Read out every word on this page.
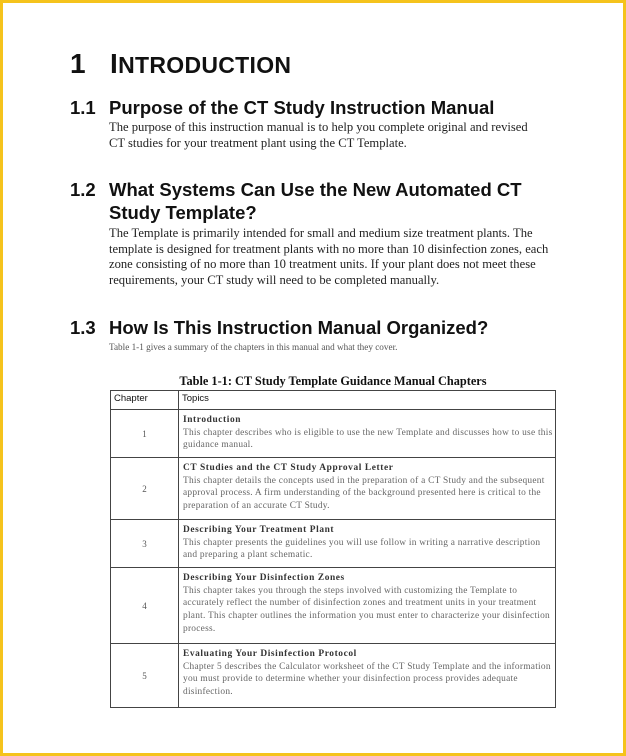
1 INTRODUCTION
1.1 Purpose of the CT Study Instruction Manual
The purpose of this instruction manual is to help you complete original and revised CT studies for your treatment plant using the CT Template.
1.2 What Systems Can Use the New Automated CT Study Template?
The Template is primarily intended for small and medium size treatment plants. The template is designed for treatment plants with no more than 10 disinfection zones, each zone consisting of no more than 10 treatment units. If your plant does not meet these requirements, your CT study will need to be completed manually.
1.3 How Is This Instruction Manual Organized?
Table 1-1 gives a summary of the chapters in this manual and what they cover.
Table 1-1: CT Study Template Guidance Manual Chapters
Chapter	Topics
1	Introduction
This chapter describes who is eligible to use the new Template and discusses how to use this guidance manual.
2	CT Studies and the CT Study Approval Letter
This chapter details the concepts used in the preparation of a CT Study and the subsequent approval process. A firm understanding of the background presented here is critical to the preparation of an accurate CT Study.
3	Describing Your Treatment Plant
This chapter presents the guidelines you will use follow in writing a narrative description and preparing a plant schematic.
4	Describing Your Disinfection Zones
This chapter takes you through the steps involved with customizing the Template to accurately reflect the number of disinfection zones and treatment units in your treatment plant. This chapter outlines the information you must enter to characterize your disinfection process.
5	Evaluating Your Disinfection Protocol
Chapter 5 describes the Calculator worksheet of the CT Study Template and the information you must provide to determine whether your disinfection process provides adequate disinfection.
